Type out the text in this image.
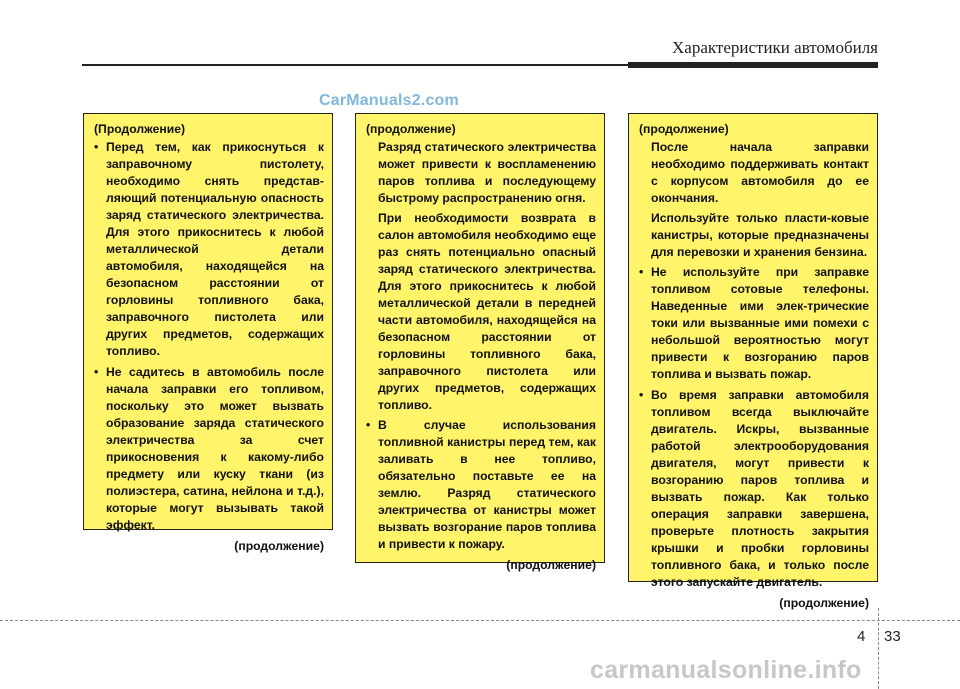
Характеристики автомобиля
CarManuals2.com

(Продолжение)

• Перед тем, как прикоснуться к заправочному пистолету, необходимо снять представ-ляющий потенциальную опасность заряд статического электричества. Для этого прикоснитесь к любой металлической детали автомобиля, находящейся на безопасном расстоянии от горловины топливного бака, заправочного пистолета или других предметов, содержащих топливо.
• Не садитесь в автомобиль после начала заправки его топливом, поскольку это может вызвать образование заряда статического электричества за счет прикосновения к какому-либо предмету или куску ткани (из полиэстера, сатина, нейлона и т.д.), которые могут вызывать такой эффект.

(продолжение)

(продолжение)

Разряд статического электричества может привести к воспламенению паров топлива и последующему быстрому распространению огня.

При необходимости возврата в салон автомобиля необходимо еще раз снять потенциально опасный заряд статического электричества. Для этого прикоснитесь к любой металлической детали в передней части автомобиля, находящейся на безопасном расстоянии от горловины топливного бака, заправочного пистолета или других предметов, содержащих топливо.

• В случае использования топливной канистры перед тем, как заливать в нее топливо, обязательно поставьте ее на землю. Разряд статического электричества от канистры может вызвать возгорание паров топлива и привести к пожару.

(продолжение)

(продолжение)

После начала заправки необходимо поддерживать контакт с корпусом автомобиля до ее окончания.

Используйте только пласти-ковые канистры, которые предназначены для перевозки и хранения бензина.

• Не используйте при заправке топливом сотовые телефоны. Наведенные ими элек-трические токи или вызванные ими помехи с небольшой вероятностью могут привести к возгоранию паров топлива и вызвать пожар.
• Во время заправки автомобиля топливом всегда выключайте двигатель. Искры, вызванные работой электрооборудования двигателя, могут привести к возгоранию паров топлива и вызвать пожар. Как только операция заправки завершена, проверьте плотность закрытия крышки и пробки горловины топливного бака, и только после этого запускайте двигатель.

(продолжение)

4 33
carmanualsonline.info
